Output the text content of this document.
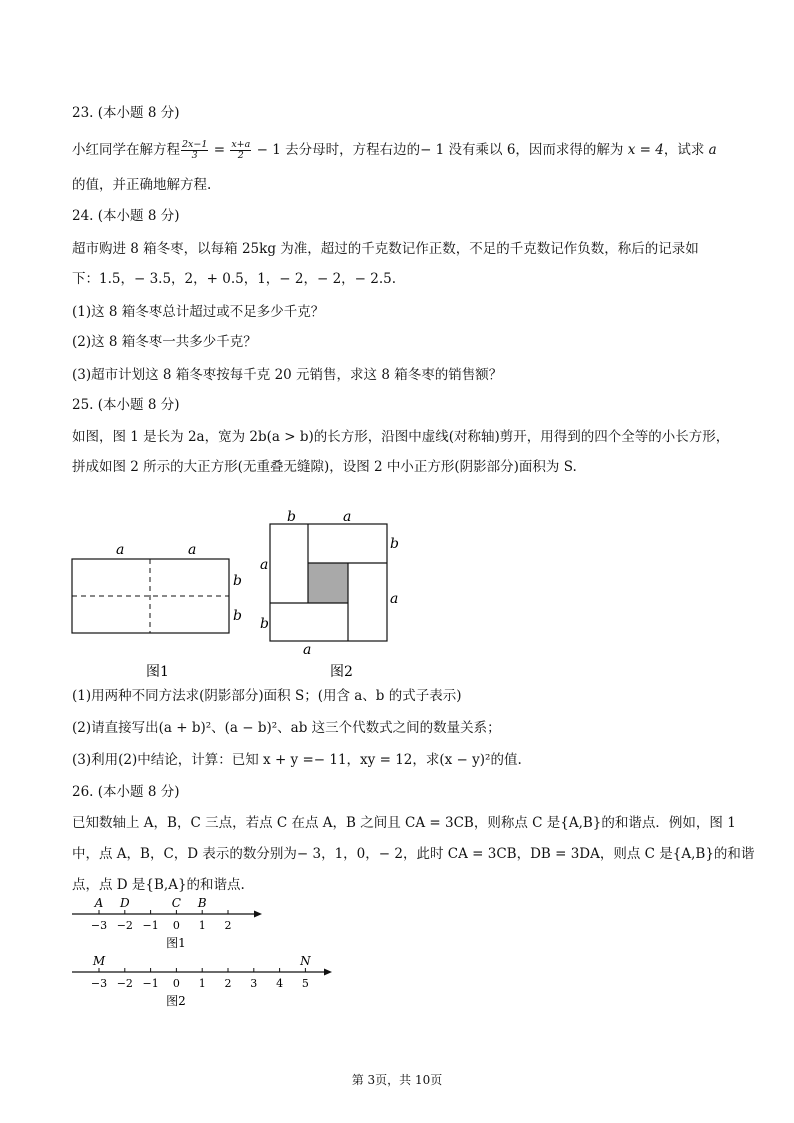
23. (本小题 8 分)
小红同学在解方程 $\frac{2x-1}{3} = \frac{x+a}{2} - 1$ 去分母时，方程右边的− 1 没有乘以 6，因而求得的解为 x = 4，试求 a
的值，并正确地解方程.
24. (本小题 8 分)
超市购进 8 箱冬枣，以每箱 25kg 为准，超过的千克数记作正数，不足的千克数记作负数，称后的记录如
下：1.5，− 3.5，2，+ 0.5，1，− 2，− 2，− 2.5.
(1)这 8 箱冬枣总计超过或不足多少千克？
(2)这 8 箱冬枣一共多少千克？
(3)超市计划这 8 箱冬枣按每千克 20 元销售，求这 8 箱冬枣的销售额？
25. (本小题 8 分)
如图，图 1 是长为 2a，宽为 2b(a > b)的长方形，沿图中虚线(对称轴)剪开，用得到的四个全等的小长方形，
拼成如图 2 所示的大正方形(无重叠无缝隙)，设图 2 中小正方形(阴影部分)面积为 S.
a	a
b
b
图1
b	a
b
a
a
b
a
图2
(1)用两种不同方法求(阴影部分)面积 S；(用含 a、b 的式子表示)
(2)请直接写出(a + b)²、(a − b)²、ab 这三个代数式之间的数量关系；
(3)利用(2)中结论，计算：已知 x + y =− 11，xy = 12，求(x − y)²的值.
26. (本小题 8 分)
已知数轴上 A，B，C 三点，若点 C 在点 A，B 之间且 CA = 3CB，则称点 C 是{A,B}的和谐点．例如，图 1
中，点 A，B，C，D 表示的数分别为− 3，1，0，− 2，此时 CA = 3CB，DB = 3DA，则点 C 是{A,B}的和谐
点，点 D 是{B,A}的和谐点.
−3 −2 −1 0 1 2
A D	C B
图1
−3 −2 −1 0 1 2 3 4 5
M	N
图2
第 3页，共 10页
